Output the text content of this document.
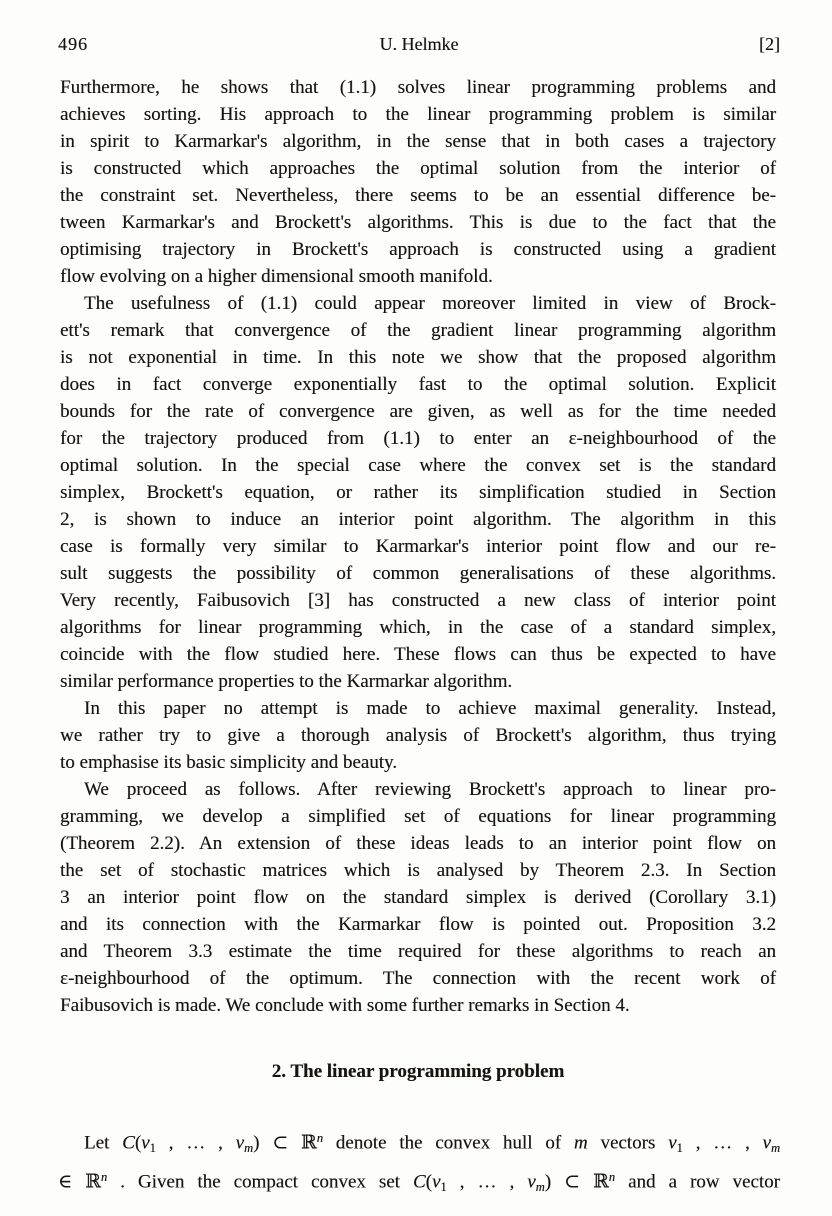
496	U. Helmke	[2]
Furthermore, he shows that (1.1) solves linear programming problems and
achieves sorting. His approach to the linear programming problem is similar
in spirit to Karmarkar's algorithm, in the sense that in both cases a trajectory
is constructed which approaches the optimal solution from the interior of
the constraint set. Nevertheless, there seems to be an essential difference be-
tween Karmarkar's and Brockett's algorithms. This is due to the fact that the
optimising trajectory in Brockett's approach is constructed using a gradient
flow evolving on a higher dimensional smooth manifold.
The usefulness of (1.1) could appear moreover limited in view of Brock-
ett's remark that convergence of the gradient linear programming algorithm
is not exponential in time. In this note we show that the proposed algorithm
does in fact converge exponentially fast to the optimal solution. Explicit
bounds for the rate of convergence are given, as well as for the time needed
for the trajectory produced from (1.1) to enter an ε-neighbourhood of the
optimal solution. In the special case where the convex set is the standard
simplex, Brockett's equation, or rather its simplification studied in Section
2, is shown to induce an interior point algorithm. The algorithm in this
case is formally very similar to Karmarkar's interior point flow and our re-
sult suggests the possibility of common generalisations of these algorithms.
Very recently, Faibusovich [3] has constructed a new class of interior point
algorithms for linear programming which, in the case of a standard simplex,
coincide with the flow studied here. These flows can thus be expected to have
similar performance properties to the Karmarkar algorithm.
In this paper no attempt is made to achieve maximal generality. Instead,
we rather try to give a thorough analysis of Brockett's algorithm, thus trying
to emphasise its basic simplicity and beauty.
We proceed as follows. After reviewing Brockett's approach to linear pro-
gramming, we develop a simplified set of equations for linear programming
(Theorem 2.2). An extension of these ideas leads to an interior point flow on
the set of stochastic matrices which is analysed by Theorem 2.3. In Section
3 an interior point flow on the standard simplex is derived (Corollary 3.1)
and its connection with the Karmarkar flow is pointed out. Proposition 3.2
and Theorem 3.3 estimate the time required for these algorithms to reach an
ε-neighbourhood of the optimum. The connection with the recent work of
Faibusovich is made. We conclude with some further remarks in Section 4.
2. The linear programming problem
Let $C(v_1$ , … , $v_m$) ⊂ ℝ$^n$ denote the convex hull of m vectors $v_1$ , … , $v_m$
∈ ℝ$^n$ . Given the compact convex set $C(v_1$ , … , $v_m$) ⊂ ℝ$^n$ and a row vector
